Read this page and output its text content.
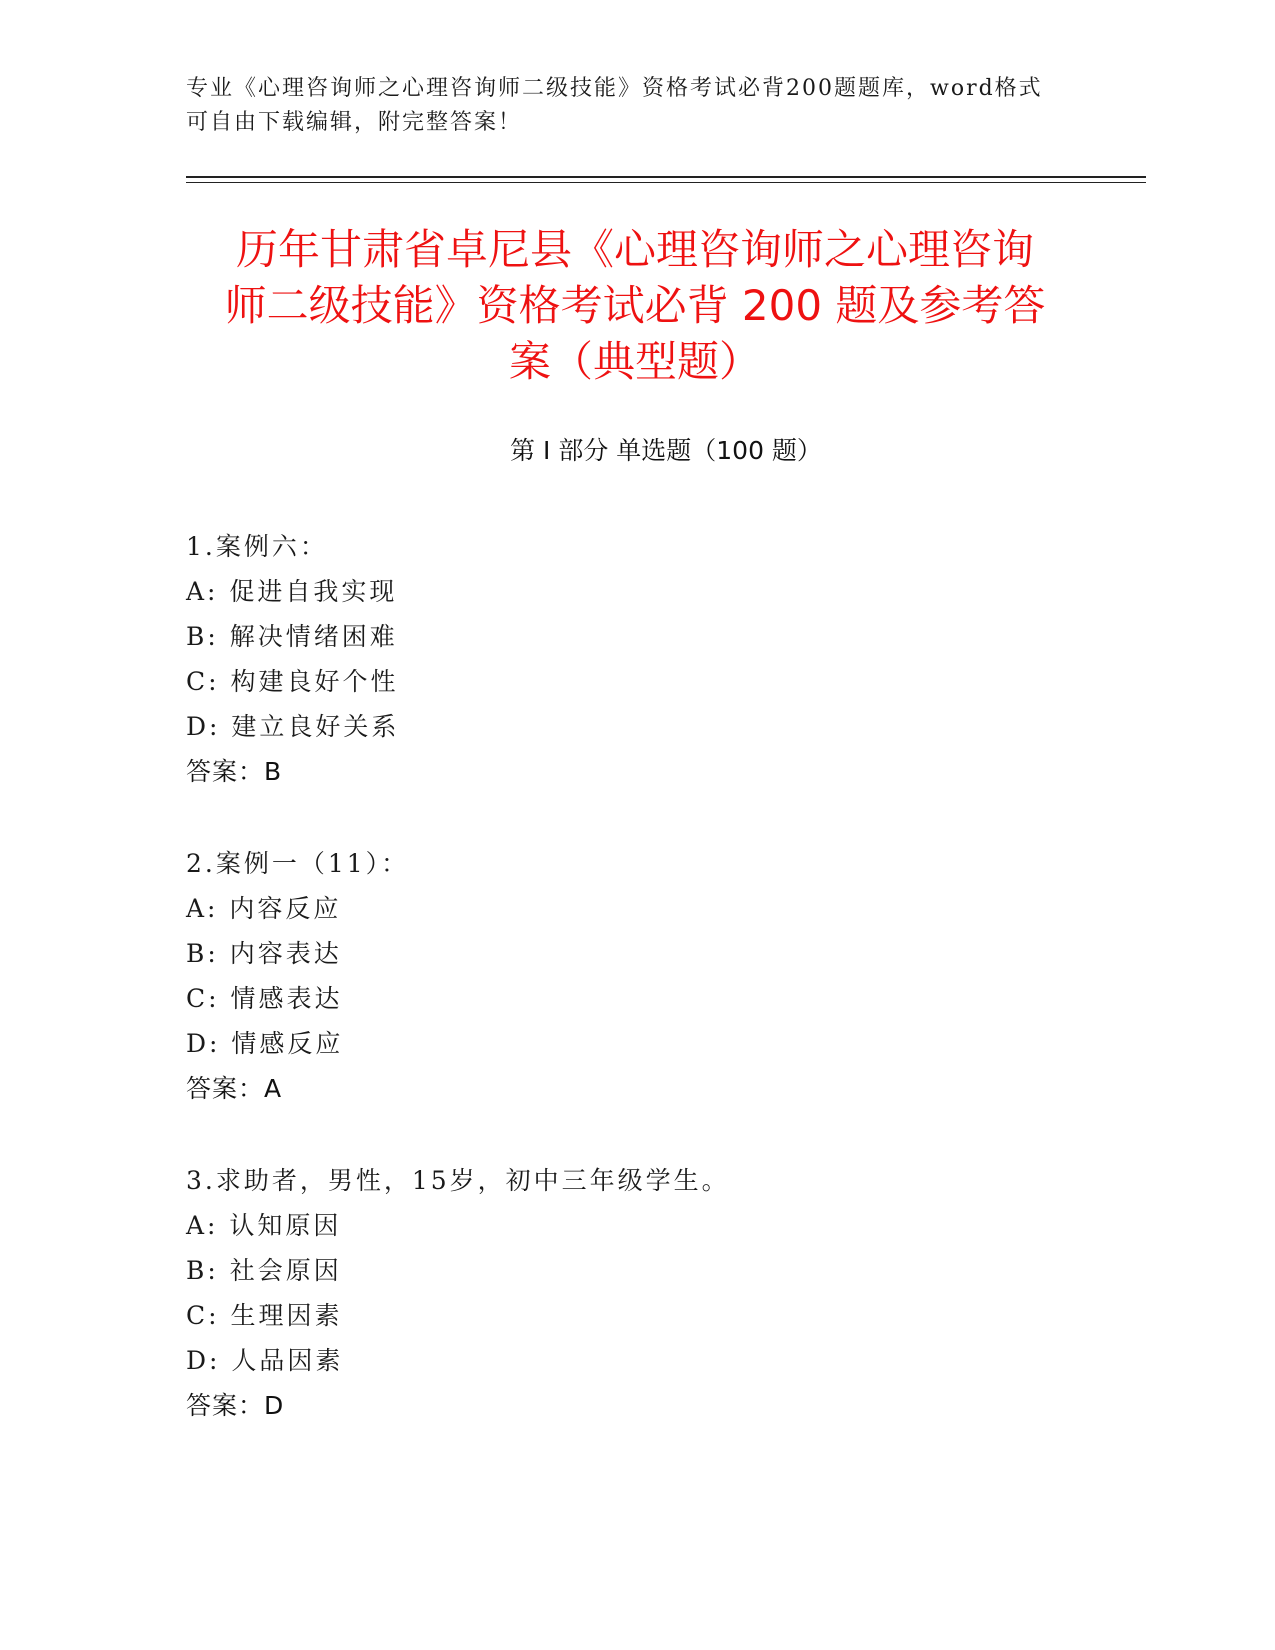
专业《心理咨询师之心理咨询师二级技能》资格考试必背200题题库，word格式
可自由下载编辑，附完整答案！
历年甘肃省卓尼县《心理咨询师之心理咨询
师二级技能》资格考试必背 200 题及参考答
案（典型题）
第 I 部分 单选题（100 题）
1.案例六：
A: 促进自我实现
B: 解决情绪困难
C: 构建良好个性
D: 建立良好关系
答案：B
2.案例一（11）：
A: 内容反应
B: 内容表达
C: 情感表达
D: 情感反应
答案：A
3.求助者，男性，15岁，初中三年级学生。
A: 认知原因
B: 社会原因
C: 生理因素
D: 人品因素
答案：D
